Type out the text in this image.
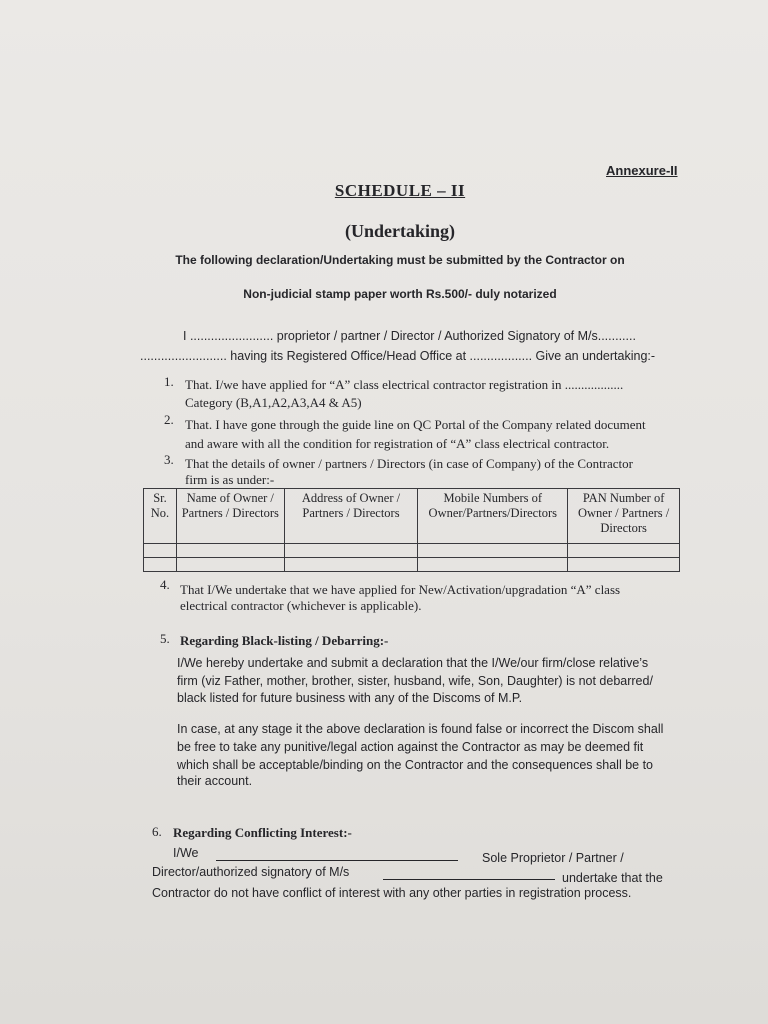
Annexure-II
SCHEDULE – II
(Undertaking)
The following declaration/Undertaking must be submitted by the Contractor on
Non-judicial stamp paper worth Rs.500/- duly notarized
I ........................ proprietor / partner / Director / Authorized Signatory of M/s...........
......................... having its Registered Office/Head Office at .................. Give an undertaking:-
1. That. I/we have applied for “A” class electrical contractor registration in ..................
Category (B,A1,A2,A3,A4 & A5)
2. That. I have gone through the guide line on QC Portal of the Company related document
and aware with all the condition for registration of “A” class electrical contractor.
3. That the details of owner / partners / Directors (in case of Company) of the Contractor
firm is as under:-
Sr. No.	Name of Owner / Partners / Directors	Address of Owner / Partners / Directors	Mobile Numbers of Owner/Partners/Directors	PAN Number of Owner / Partners / Directors

4. That I/We undertake that we have applied for New/Activation/upgradation “A” class
electrical contractor (whichever is applicable).
5. Regarding Black-listing / Debarring:-
I/We hereby undertake and submit a declaration that the I/We/our firm/close relative’s
firm (viz Father, mother, brother, sister, husband, wife, Son, Daughter) is not debarred/
black listed for future business with any of the Discoms of M.P.
In case, at any stage it the above declaration is found false or incorrect the Discom shall
be free to take any punitive/legal action against the Contractor as may be deemed fit
which shall be acceptable/binding on the Contractor and the consequences shall be to
their account.
6. Regarding Conflicting Interest:-
I/We	Sole Proprietor / Partner /
Director/authorized signatory of M/s	undertake that the
Contractor do not have conflict of interest with any other parties in registration process.
